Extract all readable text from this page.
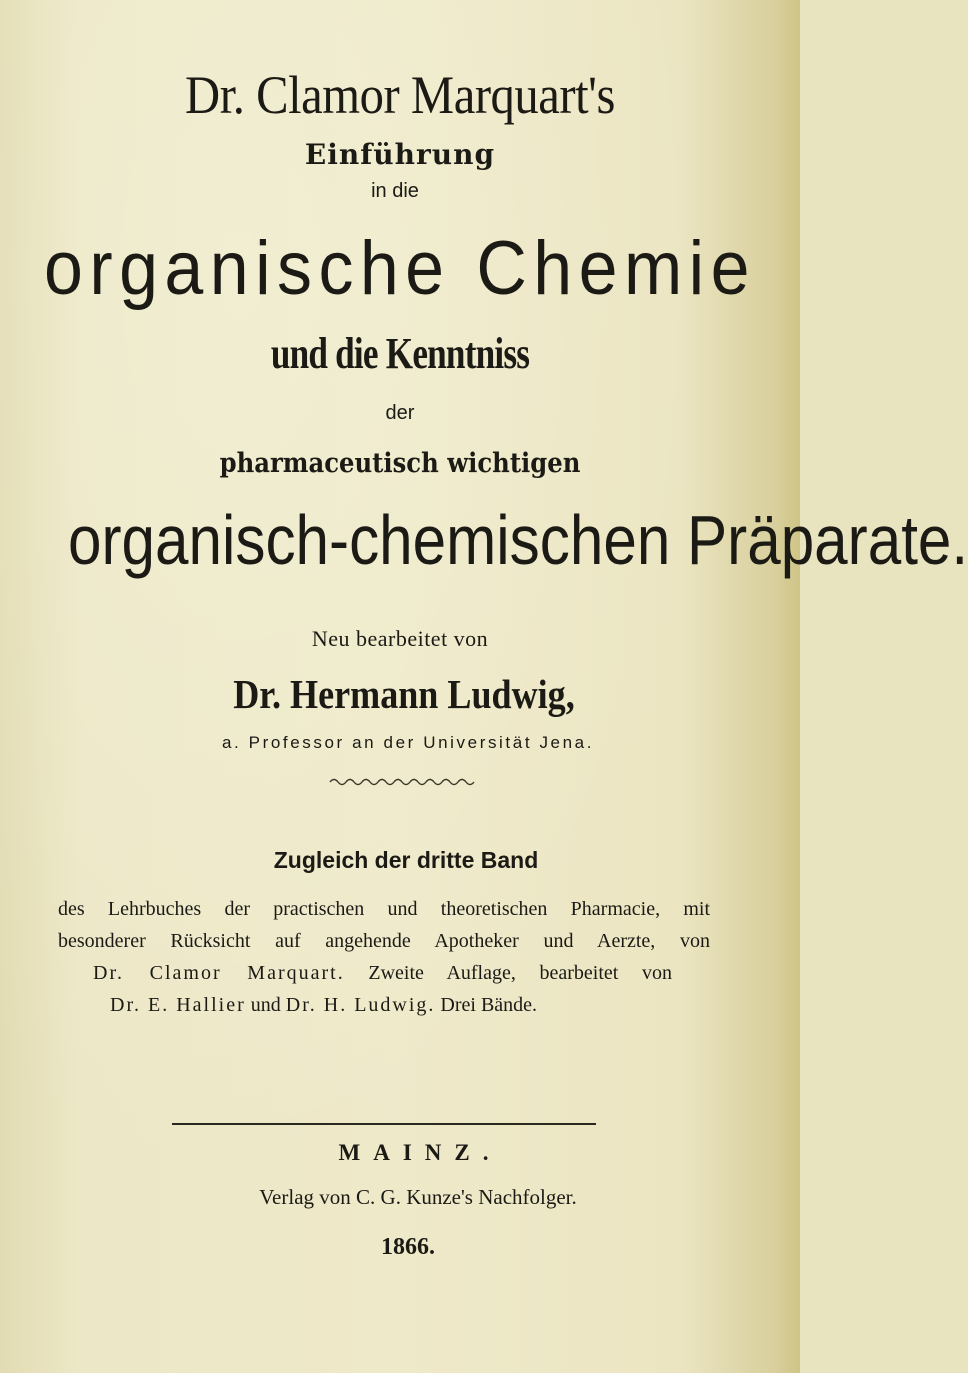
Dr. Clamor Marquart's
Einführung
in die
organische Chemie
und die Kenntniss
der
pharmaceutisch wichtigen
organisch-chemischen Präparate.
Neu bearbeitet von
Dr. Hermann Ludwig,
a. Professor an der Universität Jena.
Zugleich der dritte Band
des Lehrbuches der practischen und theoretischen Pharmacie, mit
besonderer Rücksicht auf angehende Apotheker und Aerzte, von
Dr. Clamor Marquart. Zweite Auflage, bearbeitet von
Dr. E. Hallier und Dr. H. Ludwig. Drei Bände.
MAINZ.
Verlag von C. G. Kunze's Nachfolger.
1866.
